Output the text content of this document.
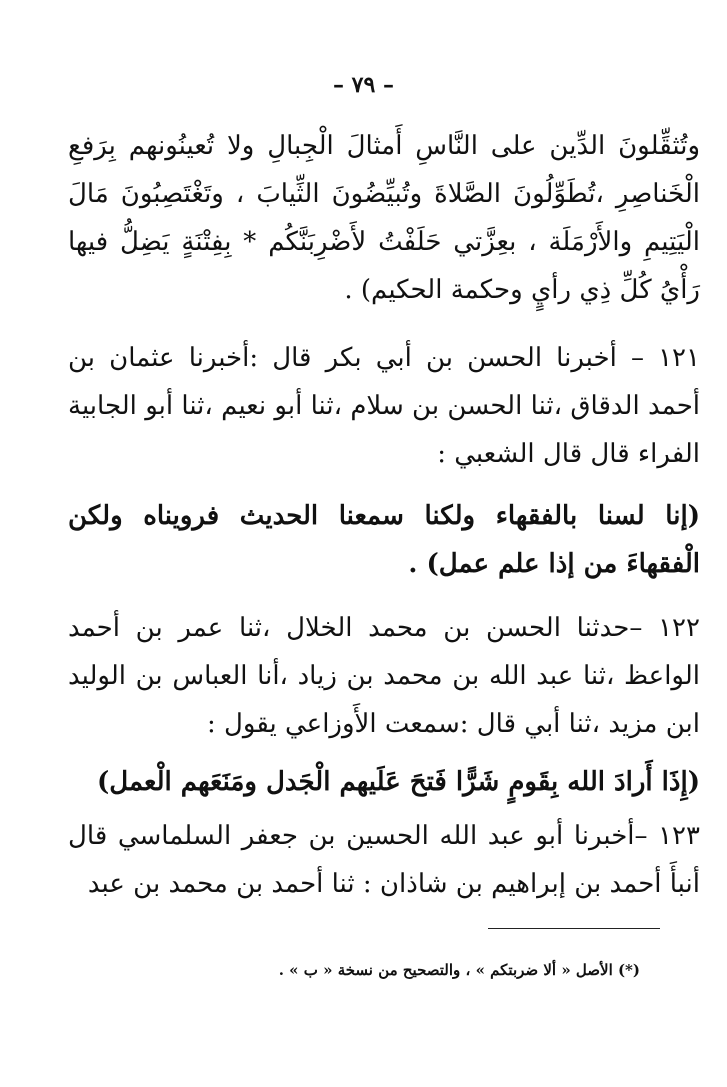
– ٧٩ –

وتُثقِّلونَ الدِّين على النَّاسِ أَمثالَ الْجِبالِ ولا تُعينُونهم بِرَفعِ الْخَناصِرِ ،تُطَوِّلُونَ الصَّلاةَ وتُبيِّضُونَ الثِّيابَ ، وتَغْتَصِبُونَ مَالَ الْيَتِيمِ والأَرْمَلَة ، بعِزَّتي حَلَفْتُ لأَضْرِبَنَّكُم * بِفِتْنَةٍ يَضِلُّ فيها رَأْيُ كُلِّ ذِي رأيٍ وحكمة الحكيم) .

١٢١ – أخبرنا الحسن بن أبي بكر قال :أخبرنا عثمان بن أحمد الدقاق ،ثنا الحسن بن سلام ،ثنا أبو نعيم ،ثنا أبو الجابية الفراء قال قال الشعبي :

(إنا لسنا بالفقهاء ولكنا سمعنا الحديث فرويناه ولكن الْفقهاءَ من إذا علم عمل) .

١٢٢ –حدثنا الحسن بن محمد الخلال ،ثنا عمر بن أحمد الواعظ ،ثنا عبد الله بن محمد بن زياد ،أنا العباس بن الوليد ابن مزيد ،ثنا أبي قال :سمعت الأَوزاعي يقول :

(إِذَا أَرادَ الله بِقَومٍ شَرًّا فَتحَ عَلَيهم الْجَدل ومَنَعَهم الْعمل)

١٢٣ –أخبرنا أبو عبد الله الحسين بن جعفر السلماسي قال أنبأَ أحمد بن إبراهيم بن شاذان : ثنا أحمد بن محمد بن عبد

(*) الأصل « ألا ضربتكم » ، والتصحيح من نسخة « ب » .
